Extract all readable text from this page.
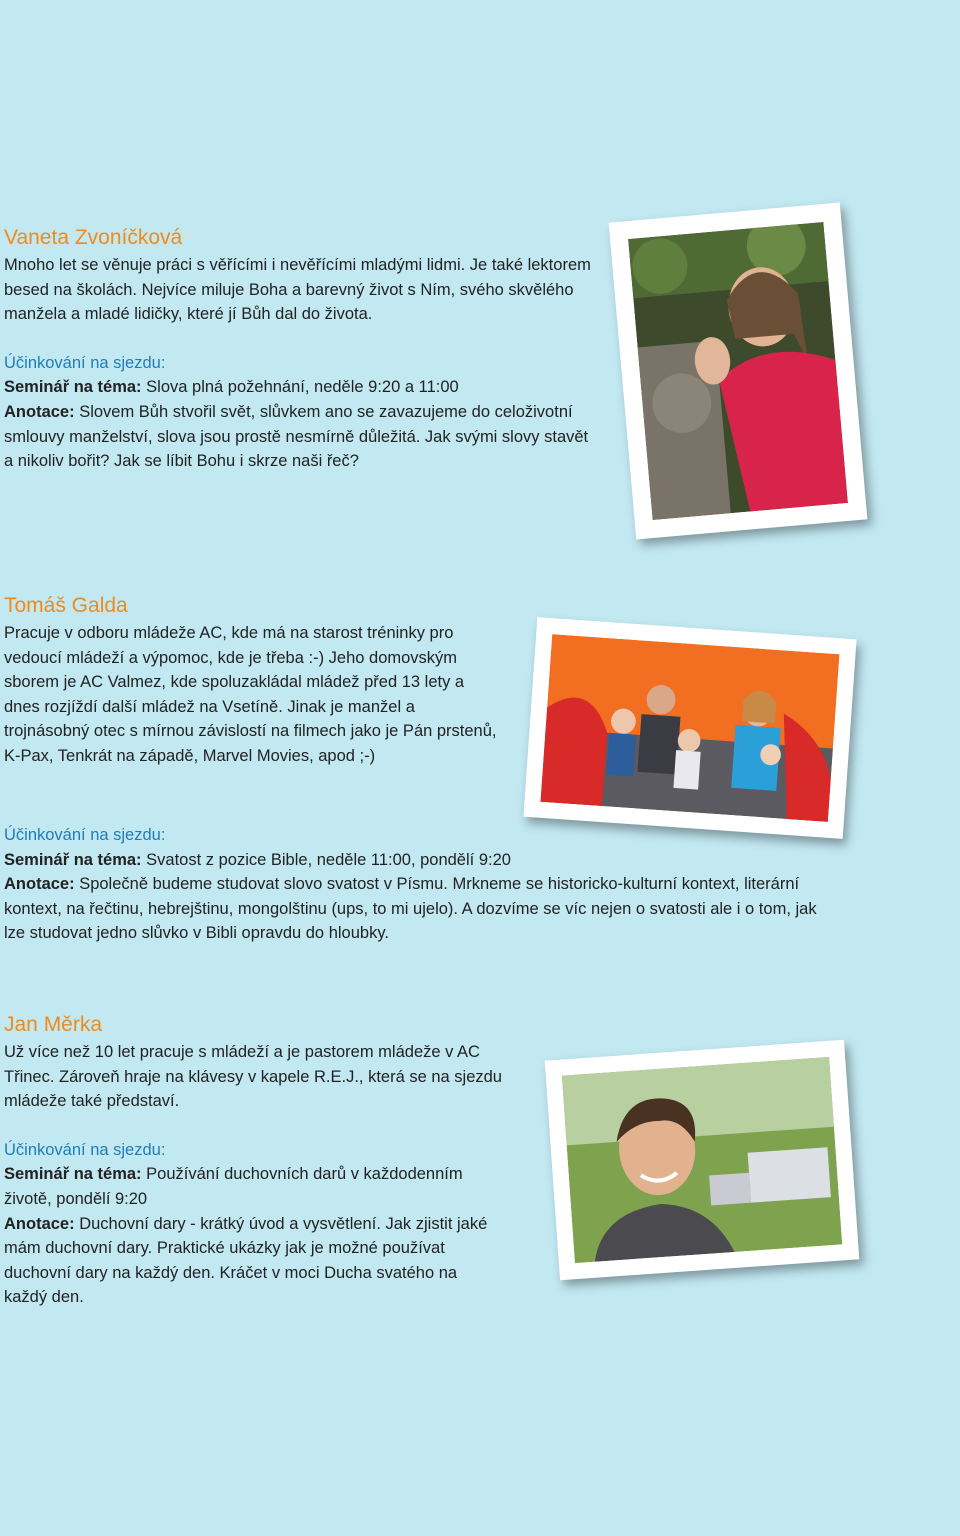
Vaneta Zvoníčková

Mnoho let se věnuje práci s věřícími i nevěřícími mladými lidmi. Je také lektorem besed na školách. Nejvíce miluje Boha a barevný život s Ním, svého skvělého manžela a mladé lidičky, které jí Bůh dal do života.

Účinkování na sjezdu:

Seminář na téma: Slova plná požehnání, neděle 9:20 a 11:00

Anotace: Slovem Bůh stvořil svět, slůvkem ano se zavazujeme do celoživotní smlouvy manželství, slova jsou prostě nesmírně důležitá. Jak svými slovy stavět a nikoliv bořit? Jak se líbit Bohu i skrze naši řeč?

Tomáš Galda

Pracuje v odboru mládeže AC, kde má na starost tréninky pro vedoucí mládeží a výpomoc, kde je třeba :-) Jeho domovským sborem je AC Valmez, kde spoluzakládal mládež před 13 lety a dnes rozjíždí další mládež na Vsetíně. Jinak je manžel a trojnásobný otec s mírnou závislostí na filmech jako je Pán prstenů, K-Pax, Tenkrát na západě, Marvel Movies, apod ;-)

Účinkování na sjezdu:

Seminář na téma: Svatost z pozice Bible, neděle 11:00, pondělí 9:20

Anotace: Společně budeme studovat slovo svatost v Písmu. Mrkneme se historicko-kulturní kontext, literární kontext, na řečtinu, hebrejštinu, mongolštinu (ups, to mi ujelo). A dozvíme se víc nejen o svatosti ale i o tom, jak lze studovat jedno slůvko v Bibli opravdu do hloubky.

Jan Měrka

Už více než 10 let pracuje s mládeží a je pastorem mládeže v AC Třinec. Zároveň hraje na klávesy v kapele R.E.J., která se na sjezdu mládeže také představí.

Účinkování na sjezdu:

Seminář na téma: Používání duchovních darů v každodenním životě, pondělí 9:20

Anotace: Duchovní dary - krátký úvod a vysvětlení. Jak zjistit jaké mám duchovní dary. Praktické ukázky jak je možné používat duchovní dary na každý den. Kráčet v moci Ducha svatého na každý den.
